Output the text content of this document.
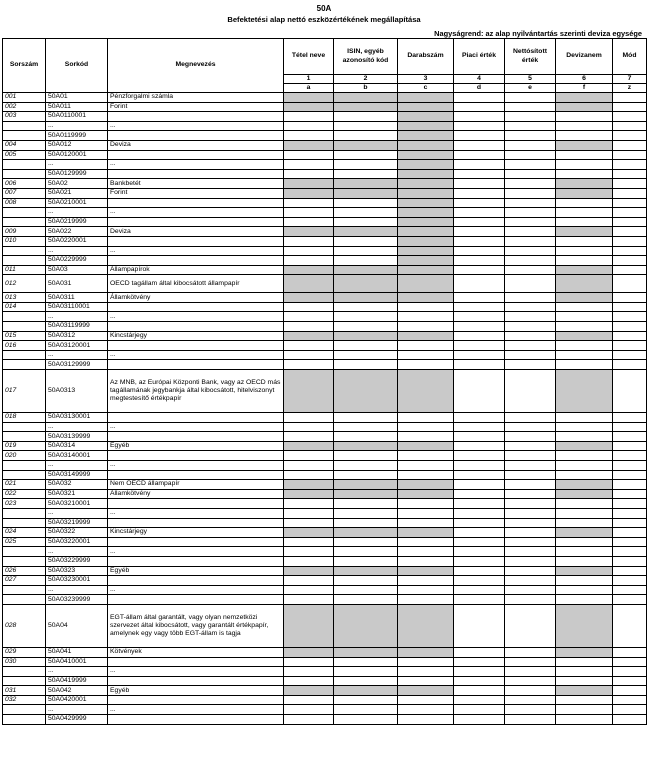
50A
Befektetési alap nettó eszközértékének megállapítása
Nagyságrend: az alap nyilvántartás szerinti deviza egysége
Sorszám	Sorkód	Megnevezés	Tétel neve	ISIN, egyéb azonosító kód	Darabszám	Piaci érték	Nettósított érték	Devizanem	Mód
			1	2	3	4	5	6	7
			a	b	c	d	e	f	z
001	50A01	Pénzforgalmi számla							
002	50A011	Forint							
003	50A0110001								
	...	...							
	50A0119999								
004	50A012	Deviza							
005	50A0120001								
	...	...							
	50A0129999								
006	50A02	Bankbetét							
007	50A021	Forint							
008	50A0210001								
	...	...							
	50A0219999								
009	50A022	Deviza							
010	50A0220001								
	...	...							
	50A0229999								
011	50A03	Állampapírok							
012	50A031	OECD tagállam által kibocsátott állampapír							
013	50A0311	Államkötvény							
014	50A03110001								
	...	...							
	50A03119999								
015	50A0312	Kincstárjegy							
016	50A03120001								
	...	...							
	50A03129999								
017	50A0313	Az MNB, az Európai Központi Bank, vagy az OECD más tagállamának jegybankja által kibocsátott, hitelviszonyt megtestesítő értékpapír							
018	50A03130001								
	...	...							
	50A03139999								
019	50A0314	Egyéb							
020	50A03140001								
	...	...							
	50A03149999								
021	50A032	Nem OECD állampapír							
022	50A0321	Államkötvény							
023	50A03210001								
	...	...							
	50A03219999								
024	50A0322	Kincstárjegy							
025	50A03220001								
	...	...							
	50A03229999								
026	50A0323	Egyéb							
027	50A03230001								
	...	...							
	50A03239999								
028	50A04	EGT-állam által garantált, vagy olyan nemzetközi szervezet által kibocsátott, vagy garantált értékpapír, amelynek egy vagy több EGT-állam is tagja							
029	50A041	Kötvények							
030	50A0410001								
	...	...							
	50A0419999								
031	50A042	Egyéb							
032	50A0420001								
	...	...							
	50A0429999								
